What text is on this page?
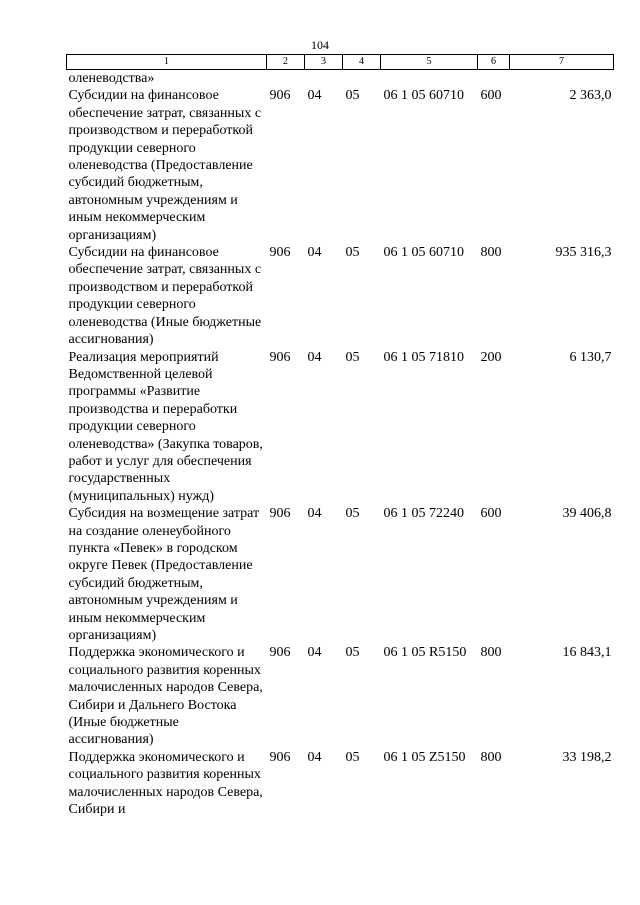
104
1	2	3	4	5	6	7
оленеводства»						
Субсидии на финансовое обеспечение затрат, связанных с производством и переработкой продукции северного оленеводства (Предоставление субсидий бюджетным, автономным учреждениям и иным некоммерческим организациям)	906	04	05	06 1 05 60710	600	2 363,0
Субсидии на финансовое обеспечение затрат, связанных с производством и переработкой продукции северного оленеводства (Иные бюджетные ассигнования)	906	04	05	06 1 05 60710	800	935 316,3
Реализация мероприятий Ведомственной целевой программы «Развитие производства и переработки продукции северного оленеводства» (Закупка товаров, работ и услуг для обеспечения государственных (муниципальных) нужд)	906	04	05	06 1 05 71810	200	6 130,7
Субсидия на возмещение затрат на создание оленеубойного пункта «Певек» в городском округе Певек (Предоставление субсидий бюджетным, автономным учреждениям и иным некоммерческим организациям)	906	04	05	06 1 05 72240	600	39 406,8
Поддержка экономического и социального развития коренных малочисленных народов Севера, Сибири и Дальнего Востока (Иные бюджетные ассигнования)	906	04	05	06 1 05 R5150	800	16 843,1
Поддержка экономического и социального развития коренных малочисленных народов Севера, Сибири и	906	04	05	06 1 05 Z5150	800	33 198,2
